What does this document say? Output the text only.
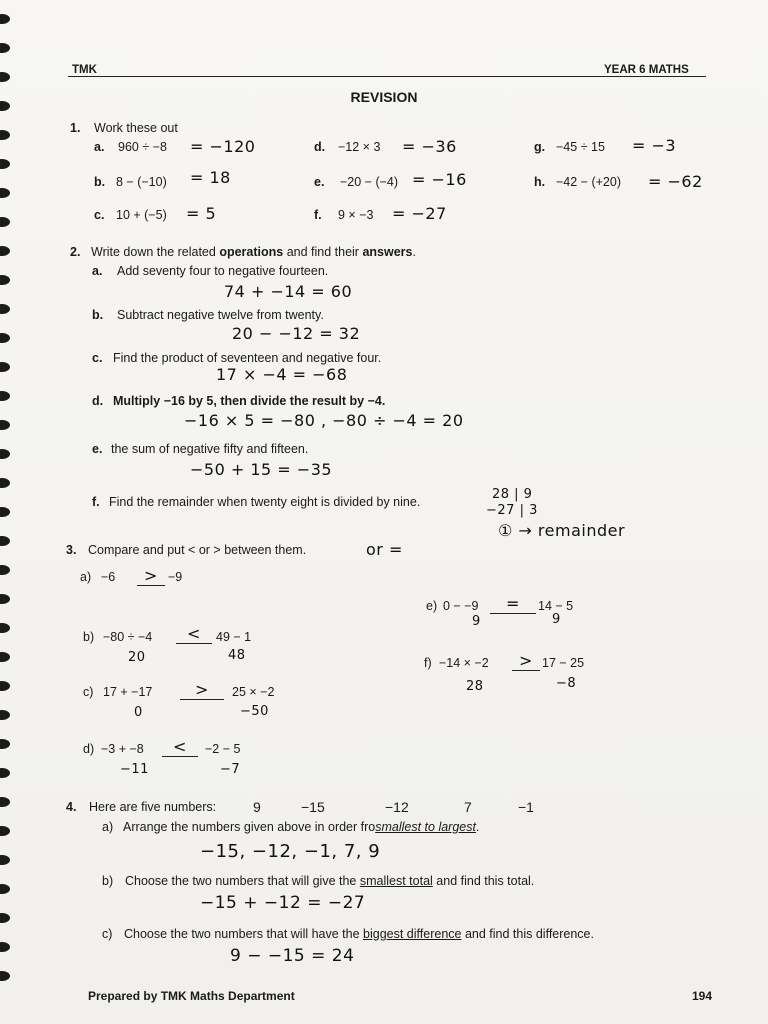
TMK	YEAR 6 MATHS
REVISION
1. Work these out
a. 960 ÷ −8 = −120
b. 8 − (−10) = 18
c. 10 + (−5) = 5
d. −12 × 3 = −36
e. −20 − (−4) = −16
f. 9 × −3 = −27
g. −45 ÷ 15 = −3
h. −42 − (+20) = −62
2. Write down the related operations and find their answers.
a. Add seventy four to negative fourteen.
74 + −14 = 60
b. Subtract negative twelve from twenty.
20 − −12 = 32
c. Find the product of seventeen and negative four.
17 × −4 = −68
d. Multiply −16 by 5, then divide the result by −4.
−16 × 5 = −80 , −80 ÷ −4 = 20
e. the sum of negative fifty and fifteen.
−50 + 15 = −35
f. Find the remainder when twenty eight is divided by nine.	28 | 9
−27 | 3
① → remainder
3. Compare and put < or > between them.	or =
a) −6	> −9
b) −80 ÷ −4	<	49 − 1
20	48
c) 17 + −17	>	25 × −2
0	−50
d) −3 + −8	<	−2 − 5
−11	−7
e) 0 − −9	=	14 − 5
9	9
f) −14 × −2	> 17 − 25
28	−8
4. Here are five numbers:	9	−15	−12	7	−1
a) Arrange the numbers given above in order frosmallest to largest.
−15, −12, −1, 7, 9
b) Choose the two numbers that will give the smallest total and find this total.
−15 + −12 = −27
c) Choose the two numbers that will have the biggest difference and find this difference.
9 − −15 = 24
Prepared by TMK Maths Department	194
